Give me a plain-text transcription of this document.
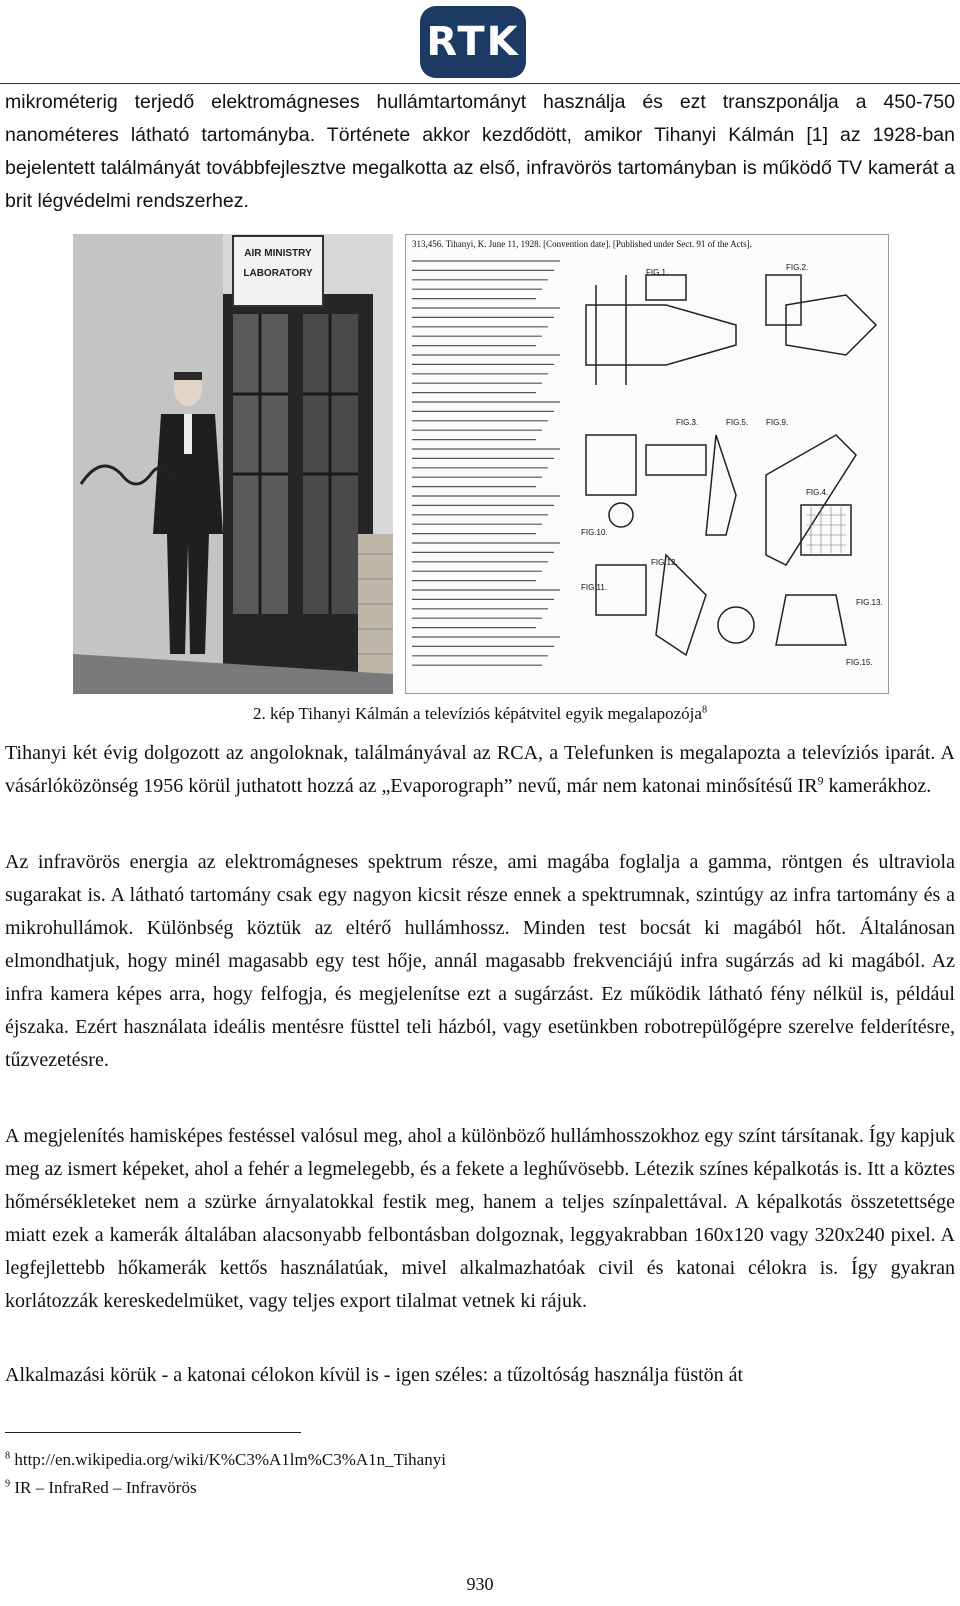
RTK

mikrométerig terjedő elektromágneses hullámtartományt használja és ezt transzponálja a 450-750 nanométeres látható tartományba. Története akkor kezdődött, amikor Tihanyi Kálmán [1] az 1928-ban bejelentett találmányát továbbfejlesztve megalkotta az első, infravörös tartományban is működő TV kamerát a brit légvédelmi rendszerhez.

AIR MINISTRY
LABORATORY
313,456. Tihanyi, K. June 11, 1928. [Convention date]. [Published under Sect. 91 of the Acts].
FIG.1.
FIG.2.
FIG.3.	FIG.5. FIG.9.
FIG.4.
FIG.10.
FIG.11.
FIG.12.
FIG.13.
FIG.15.
2. kép Tihanyi Kálmán a televíziós képátvitel egyik megalapozója$^8$

Tihanyi két évig dolgozott az angoloknak, találmányával az RCA, a Telefunken is megalapozta a televíziós iparát. A vásárlóközönség 1956 körül juthatott hozzá az „Evaporograph” nevű, már nem katonai minősítésű $IR^9$ kamerákhoz.

Az infravörös energia az elektromágneses spektrum része, ami magába foglalja a gamma, röntgen és ultraviola sugarakat is. A látható tartomány csak egy nagyon kicsit része ennek a spektrumnak, szintúgy az infra tartomány és a mikrohullámok. Különbség köztük az eltérő hullámhossz. Minden test bocsát ki magából hőt. Általánosan elmondhatjuk, hogy minél magasabb egy test hője, annál magasabb frekvenciájú infra sugárzás ad ki magából. Az infra kamera képes arra, hogy felfogja, és megjelenítse ezt a sugárzást. Ez működik látható fény nélkül is, például éjszaka. Ezért használata ideális mentésre füsttel teli házból, vagy esetünkben robotrepülőgépre szerelve felderítésre, tűzvezetésre.

A megjelenítés hamisképes festéssel valósul meg, ahol a különböző hullámhosszokhoz egy színt társítanak. Így kapjuk meg az ismert képeket, ahol a fehér a legmelegebb, és a fekete a leghűvösebb. Létezik színes képalkotás is. Itt a köztes hőmérsékleteket nem a szürke árnyalatokkal festik meg, hanem a teljes színpalettával. A képalkotás összetettsége miatt ezek a kamerák általában alacsonyabb felbontásban dolgoznak, leggyakrabban 160x120 vagy 320x240 pixel. A legfejlettebb hőkamerák kettős használatúak, mivel alkalmazhatóak civil és katonai célokra is. Így gyakran korlátozzák kereskedelmüket, vagy teljes export tilalmat vetnek ki rájuk.

Alkalmazási körük - a katonai célokon kívül is - igen széles: a tűzoltóság használja füstön át

$^8$ http://en.wikipedia.org/wiki/K%C3%A1lm%C3%A1n_Tihanyi
$^9$ IR – InfraRed – Infravörös
930
